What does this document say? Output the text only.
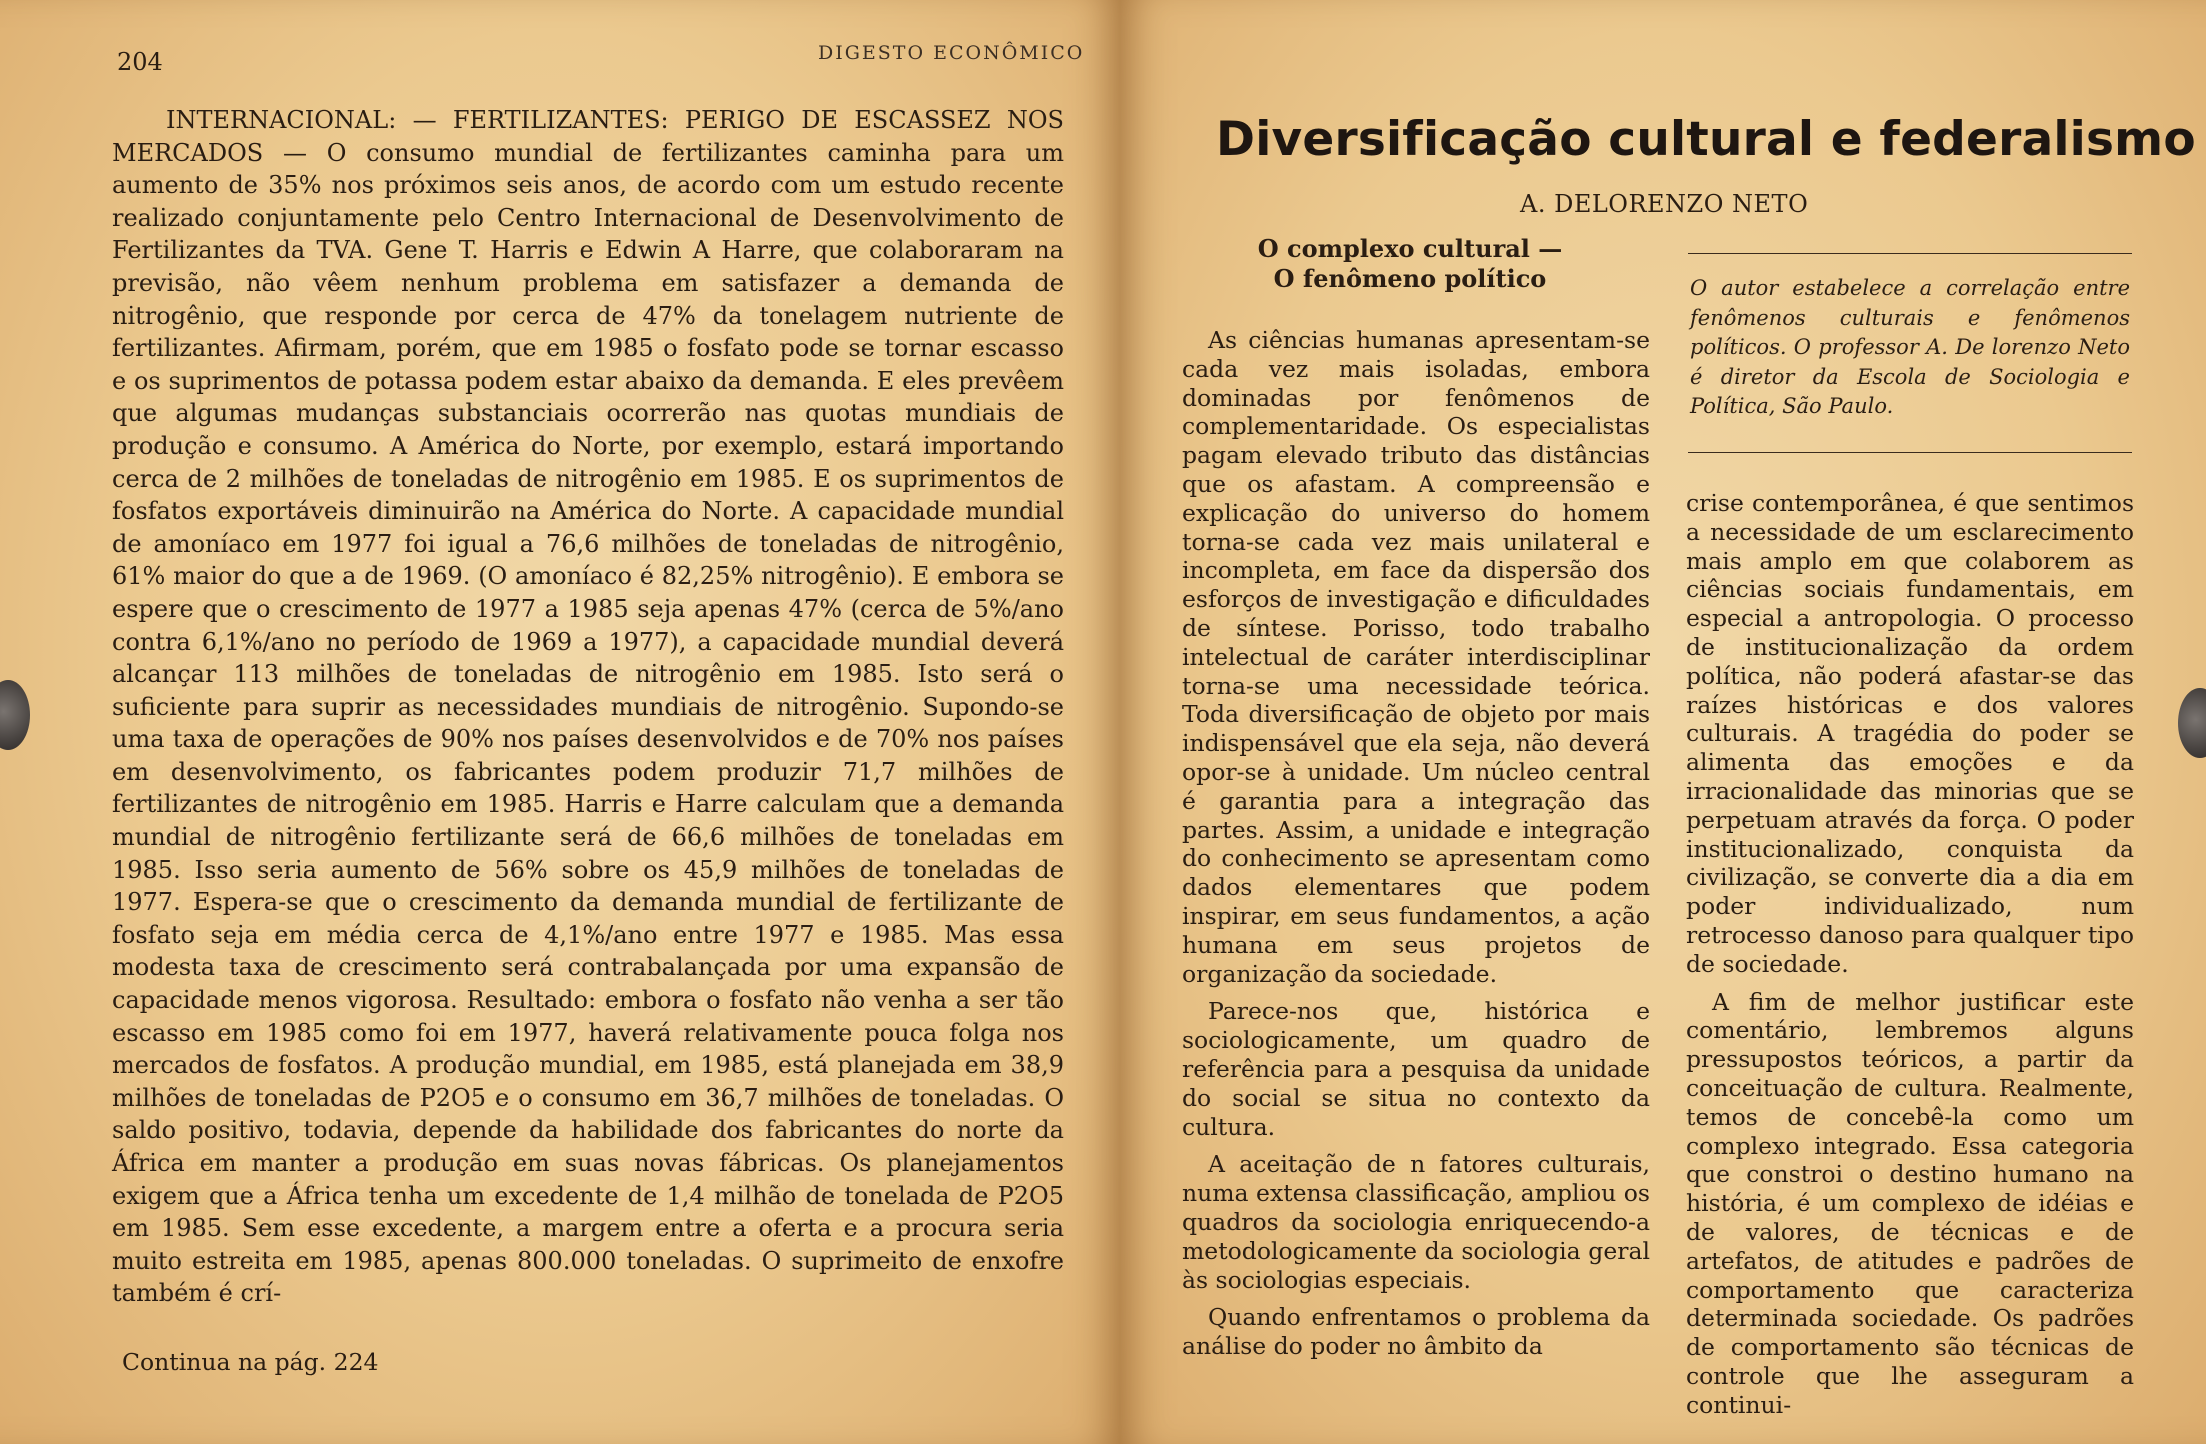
204	DIGESTO ECONÔMICO

INTERNACIONAL: — FERTILIZANTES: PERIGO DE ESCASSEZ NOS MERCADOS — O consumo mundial de fertilizantes caminha para um aumento de 35% nos próximos seis anos, de acordo com um estudo recente realizado conjuntamente pelo Centro Internacional de Desenvolvimento de Fertilizantes da TVA. Gene T. Harris e Edwin A Harre, que colaboraram na previsão, não vêem nenhum problema em satisfazer a demanda de nitrogênio, que responde por cerca de 47% da tonelagem nutriente de fertilizantes. Afirmam, porém, que em 1985 o fosfato pode se tornar escasso e os suprimentos de potassa podem estar abaixo da demanda. E eles prevêem que algumas mudanças substanciais ocorrerão nas quotas mundiais de produção e consumo. A América do Norte, por exemplo, estará importando cerca de 2 milhões de toneladas de nitrogênio em 1985. E os suprimentos de fosfatos exportáveis diminuirão na América do Norte. A capacidade mundial de amoníaco em 1977 foi igual a 76,6 milhões de toneladas de nitrogênio, 61% maior do que a de 1969. (O amoníaco é 82,25% nitrogênio). E embora se espere que o crescimento de 1977 a 1985 seja apenas 47% (cerca de 5%/ano contra 6,1%/ano no período de 1969 a 1977), a capacidade mundial deverá alcançar 113 milhões de toneladas de nitrogênio em 1985. Isto será o suficiente para suprir as necessidades mundiais de nitrogênio. Supondo-se uma taxa de operações de 90% nos países desenvolvidos e de 70% nos países em desenvolvimento, os fabricantes podem produzir 71,7 milhões de fertilizantes de nitrogênio em 1985. Harris e Harre calculam que a demanda mundial de nitrogênio fertilizante será de 66,6 milhões de toneladas em 1985. Isso seria aumento de 56% sobre os 45,9 milhões de toneladas de 1977. Espera-se que o crescimento da demanda mundial de fertilizante de fosfato seja em média cerca de 4,1%/ano entre 1977 e 1985. Mas essa modesta taxa de crescimento será contrabalançada por uma expansão de capacidade menos vigorosa. Resultado: embora o fosfato não venha a ser tão escasso em 1985 como foi em 1977, haverá relativamente pouca folga nos mercados de fosfatos. A produção mundial, em 1985, está planejada em 38,9 milhões de toneladas de P2O5 e o consumo em 36,7 milhões de toneladas. O saldo positivo, todavia, depende da habilidade dos fabricantes do norte da África em manter a produção em suas novas fábricas. Os planejamentos exigem que a África tenha um excedente de 1,4 milhão de tonelada de P2O5 em 1985. Sem esse excedente, a margem entre a oferta e a procura seria muito estreita em 1985, apenas 800.000 toneladas. O suprimeito de enxofre também é crí-

Continua na pág. 224
Diversificação cultural e federalismo
A. DELORENZO NETO
O complexo cultural —
O fenômeno político	O autor estabelece a correlação entre fenômenos culturais e fenômenos políticos. O professor A. De lorenzo Neto é diretor da Escola de Sociologia e Política, São Paulo.

As ciências humanas apresentam-se cada vez mais isoladas, embora dominadas por fenômenos de complementaridade. Os especialistas pagam elevado tributo das distâncias que os afastam. A compreensão e explicação do universo do homem torna-se cada vez mais unilateral e incompleta, em face da dispersão dos esforços de investigação e dificuldades de síntese. Porisso, todo trabalho intelectual de caráter interdisciplinar torna-se uma necessidade teórica. Toda diversificação de objeto por mais indispensável que ela seja, não deverá opor-se à unidade. Um núcleo central é garantia para a integração das partes. Assim, a unidade e integração do conhecimento se apresentam como dados elementares que podem inspirar, em seus fundamentos, a ação humana em seus projetos de organização da sociedade.

Parece-nos que, histórica e sociologicamente, um quadro de referência para a pesquisa da unidade do social se situa no contexto da cultura.

A aceitação de n fatores culturais, numa extensa classificação, ampliou os quadros da sociologia enriquecendo-a metodologicamente da sociologia geral às sociologias especiais.

Quando enfrentamos o problema da análise do poder no âmbito da

crise contemporânea, é que sentimos a necessidade de um esclarecimento mais amplo em que colaborem as ciências sociais fundamentais, em especial a antropologia. O processo de institucionalização da ordem política, não poderá afastar-se das raízes históricas e dos valores culturais. A tragédia do poder se alimenta das emoções e da irracionalidade das minorias que se perpetuam através da força. O poder institucionalizado, conquista da civilização, se converte dia a dia em poder individualizado, num retrocesso danoso para qualquer tipo de sociedade.

A fim de melhor justificar este comentário, lembremos alguns pressupostos teóricos, a partir da conceituação de cultura. Realmente, temos de concebê-la como um complexo integrado. Essa categoria que constroi o destino humano na história, é um complexo de idéias e de valores, de técnicas e de artefatos, de atitudes e padrões de comportamento que caracteriza determinada sociedade. Os padrões de comportamento são técnicas de controle que lhe asseguram a continui-
